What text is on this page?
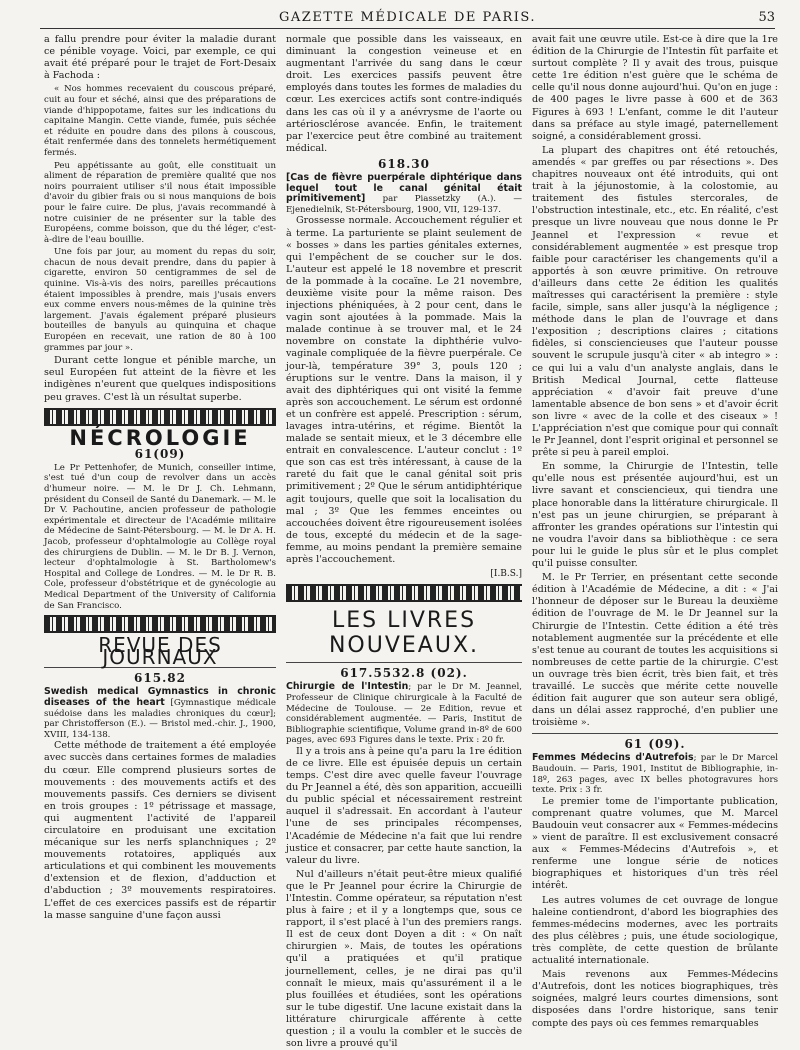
GAZETTE MÉDICALE DE PARIS.	53

a fallu prendre pour éviter la maladie durant ce pénible voyage. Voici, par exemple, ce qui avait été préparé pour le trajet de Fort-Desaix à Fachoda :

« Nos hommes recevaient du couscous préparé, cuit au four et séché, ainsi que des préparations de viande d'hippopotame, faites sur les indications du capitaine Mangin. Cette viande, fumée, puis séchée et réduite en poudre dans des pilons à couscous, était renfermée dans des tonnelets hermétiquement fermés.

Peu appétissante au goût, elle constituait un aliment de réparation de première qualité que nos noirs pourraient utiliser s'il nous était impossible d'avoir du gibier frais ou si nous manquions de bois pour le faire cuire. De plus, j'avais recommandé à notre cuisinier de ne présenter sur la table des Européens, comme boisson, que du thé léger, c'est-à-dire de l'eau bouillie.

Une fois par jour, au moment du repas du soir, chacun de nous devait prendre, dans du papier à cigarette, environ 50 centigrammes de sel de quinine. Vis-à-vis des noirs, pareilles précautions étaient impossibles à prendre, mais j'usais envers eux comme envers nous-mêmes de la quinine très largement. J'avais également préparé plusieurs bouteilles de banyuls au quinquina et chaque Européen en recevait, une ration de 80 à 100 grammes par jour ».

Durant cette longue et pénible marche, un seul Européen fut atteint de la fièvre et les indigènes n'eurent que quelques indispositions peu graves. C'est là un résultat superbe.

NÉCROLOGIE
61(09)

Le Pr Pettenhofer, de Munich, conseiller intime, s'est tué d'un coup de revolver dans un accès d'humeur noire. — M. le Dr J. Ch. Lehmann, président du Conseil de Santé du Danemark. — M. le Dr V. Pachoutine, ancien professeur de pathologie expérimentale et directeur de l'Académie militaire de Médecine de Saint-Pétersbourg. — M. le Dr A. H. Jacob, professeur d'ophtalmologie au Collège royal des chirurgiens de Dublin. — M. le Dr B. J. Vernon, lecteur d'ophtalmologie à St. Bartholomew's Hospital and College de Londres. — M. le Dr R. B. Cole, professeur d'obstétrique et de gynécologie au Medical Department of the University of California de San Francisco.

REVUE DES JOURNAUX
615.82
Swedish medical Gymnastics in chronic diseases of the heart [Gymnastique médicale suédoise dans les maladies chroniques du cœur]; par Christofferson (E.). — Bristol med.-chir. J., 1900, XVIII, 134-138.

Cette méthode de traitement a été employée avec succès dans certaines formes de maladies du cœur. Elle comprend plusieurs sortes de mouvements : des mouvements actifs et des mouvements passifs. Ces derniers se divisent en trois groupes : 1º pétrissage et massage, qui augmentent l'activité de l'appareil circulatoire en produisant une excitation mécanique sur les nerfs splanchniques ; 2º mouvements rotatoires, appliqués aux articulations et qui combinent les mouvements d'extension et de flexion, d'adduction et d'abduction ; 3º mouvements respiratoires. L'effet de ces exercices passifs est de répartir la masse sanguine d'une façon aussi

normale que possible dans les vaisseaux, en diminuant la congestion veineuse et en augmentant l'arrivée du sang dans le cœur droit. Les exercices passifs peuvent être employés dans toutes les formes de maladies du cœur. Les exercices actifs sont contre-indiqués dans les cas où il y a anévrysme de l'aorte ou artériosclérose avancée. Enfin, le traitement par l'exercice peut être combiné au traitement médical.

618.30
[Cas de fièvre puerpérale diphtérique dans lequel tout le canal génital était primitivement] par Piassetzky (A.). — Ejenedielnik, St-Pétersbourg, 1900, VII, 129-137.

Grossesse normale. Accouchement régulier et à terme. La parturiente se plaint seulement de « bosses » dans les parties génitales externes, qui l'empêchent de se coucher sur le dos. L'auteur est appelé le 18 novembre et prescrit de la pommade à la cocaïne. Le 21 novembre, deuxième visite pour la même raison. Des injections phéniquées, à 2 pour cent, dans le vagin sont ajoutées à la pommade. Mais la malade continue à se trouver mal, et le 24 novembre on constate la diphthérie vulvo-vaginale compliquée de la fièvre puerpérale. Ce jour-là, température 39° 3, pouls 120 ; éruptions sur le ventre. Dans la maison, il y avait des diphtériques qui ont visité la femme après son accouchement. Le sérum est ordonné et un confrère est appelé. Prescription : sérum, lavages intra-utérins, et régime. Bientôt la malade se sentait mieux, et le 3 décembre elle entrait en convalescence. L'auteur conclut : 1º que son cas est très intéressant, à cause de la rareté du fait que le canal génital soit pris primitivement ; 2º Que le sérum antidiphtérique agit toujours, quelle que soit la localisation du mal ; 3º Que les femmes enceintes ou accouchées doivent être rigoureusement isolées de tous, excepté du médecin et de la sage-femme, au moins pendant la première semaine après l'accouchement.

[I.B.S.]
LES LIVRES
NOUVEAUX.
617.5532.8 (02).
Chirurgie de l'Intestin; par le Dr M. Jeannel, Professeur de Clinique chirurgicale à la Faculté de Médecine de Toulouse. — 2e Edition, revue et considérablement augmentée. — Paris, Institut de Bibliographie scientifique, Volume grand in-8º de 600 pages, avec 693 Figures dans le texte. Prix : 20 fr.

Il y a trois ans à peine qu'a paru la 1re édition de ce livre. Elle est épuisée depuis un certain temps. C'est dire avec quelle faveur l'ouvrage du Pr Jeannel a été, dès son apparition, accueilli du public spécial et nécessairement restreint auquel il s'adressait. En accordant à l'auteur l'une de ses principales récompenses, l'Académie de Médecine n'a fait que lui rendre justice et consacrer, par cette haute sanction, la valeur du livre.

Nul d'ailleurs n'était peut-être mieux qualifié que le Pr Jeannel pour écrire la Chirurgie de l'Intestin. Comme opérateur, sa réputation n'est plus à faire ; et il y a longtemps que, sous ce rapport, il s'est placé à l'un des premiers rangs. Il est de ceux dont Doyen a dit : « On naît chirurgien ». Mais, de toutes les opérations qu'il a pratiquées et qu'il pratique journellement, celles, je ne dirai pas qu'il connaît le mieux, mais qu'assurément il a le plus fouillées et étudiées, sont les opérations sur le tube digestif. Une lacune existait dans la littérature chirurgicale afférente à cette question ; il a voulu la combler et le succès de son livre a prouvé qu'il

avait fait une œuvre utile. Est-ce à dire que la 1re édition de la Chirurgie de l'Intestin fût parfaite et surtout complète ? Il y avait des trous, puisque cette 1re édition n'est guère que le schéma de celle qu'il nous donne aujourd'hui. Qu'on en juge : de 400 pages le livre passe à 600 et de 363 Figures à 693 ! L'enfant, comme le dit l'auteur dans sa préface au style imagé, paternellement soigné, a considérablement grossi.

La plupart des chapitres ont été retouchés, amendés « par greffes ou par résections ». Des chapitres nouveaux ont été introduits, qui ont trait à la jéjunostomie, à la colostomie, au traitement des fistules stercorales, de l'obstruction intestinale, etc., etc. En réalité, c'est presque un livre nouveau que nous donne le Pr Jeannel et l'expression « revue et considérablement augmentée » est presque trop faible pour caractériser les changements qu'il a apportés à son œuvre primitive. On retrouve d'ailleurs dans cette 2e édition les qualités maîtresses qui caractérisent la première : style facile, simple, sans aller jusqu'à la négligence ; méthode dans le plan de l'ouvrage et dans l'exposition ; descriptions claires ; citations fidèles, si consciencieuses que l'auteur pousse souvent le scrupule jusqu'à citer « ab integro » : ce qui lui a valu d'un analyste anglais, dans le British Medical Journal, cette flatteuse appréciation « d'avoir fait preuve d'une lamentable absence de bon sens » et d'avoir écrit son livre « avec de la colle et des ciseaux » ! L'appréciation n'est que comique pour qui connaît le Pr Jeannel, dont l'esprit original et personnel se prête si peu à pareil emploi.

En somme, la Chirurgie de l'Intestin, telle qu'elle nous est présentée aujourd'hui, est un livre savant et consciencieux, qui tiendra une place honorable dans la littérature chirurgicale. Il n'est pas un jeune chirurgien, se préparant à affronter les grandes opérations sur l'intestin qui ne voudra l'avoir dans sa bibliothèque : ce sera pour lui le guide le plus sûr et le plus complet qu'il puisse consulter.

M. le Pr Terrier, en présentant cette seconde édition à l'Académie de Médecine, a dit : « J'ai l'honneur de déposer sur le Bureau la deuxième édition de l'ouvrage de M. le Dr Jeannel sur la Chirurgie de l'Intestin. Cette édition a été très notablement augmentée sur la précédente et elle s'est tenue au courant de toutes les acquisitions si nombreuses de cette partie de la chirurgie. C'est un ouvrage très bien écrit, très bien fait, et très travaillé. Le succès que mérite cette nouvelle édition fait augurer que son auteur sera obligé, dans un délai assez rapproché, d'en publier une troisième ».

61 (09).
Femmes Médecins d'Autrefois; par le Dr Marcel Baudouin. — Paris, 1901, Institut de Bibliographie, in-18º, 263 pages, avec IX belles photogravures hors texte. Prix : 3 fr.

Le premier tome de l'importante publication, comprenant quatre volumes, que M. Marcel Baudouin veut consacrer aux « Femmes-médecins » vient de paraître. Il est exclusivement consacré aux « Femmes-Médecins d'Autrefois », et renferme une longue série de notices biographiques et historiques d'un très réel intérêt.

Les autres volumes de cet ouvrage de longue haleine contiendront, d'abord les biographies des femmes-médecins modernes, avec les portraits des plus célèbres ; puis, une étude sociologique, très complète, de cette question de brûlante actualité internationale.

Mais revenons aux Femmes-Médecins d'Autrefois, dont les notices biographiques, très soignées, malgré leurs courtes dimensions, sont disposées dans l'ordre historique, sans tenir compte des pays où ces femmes remarquables
